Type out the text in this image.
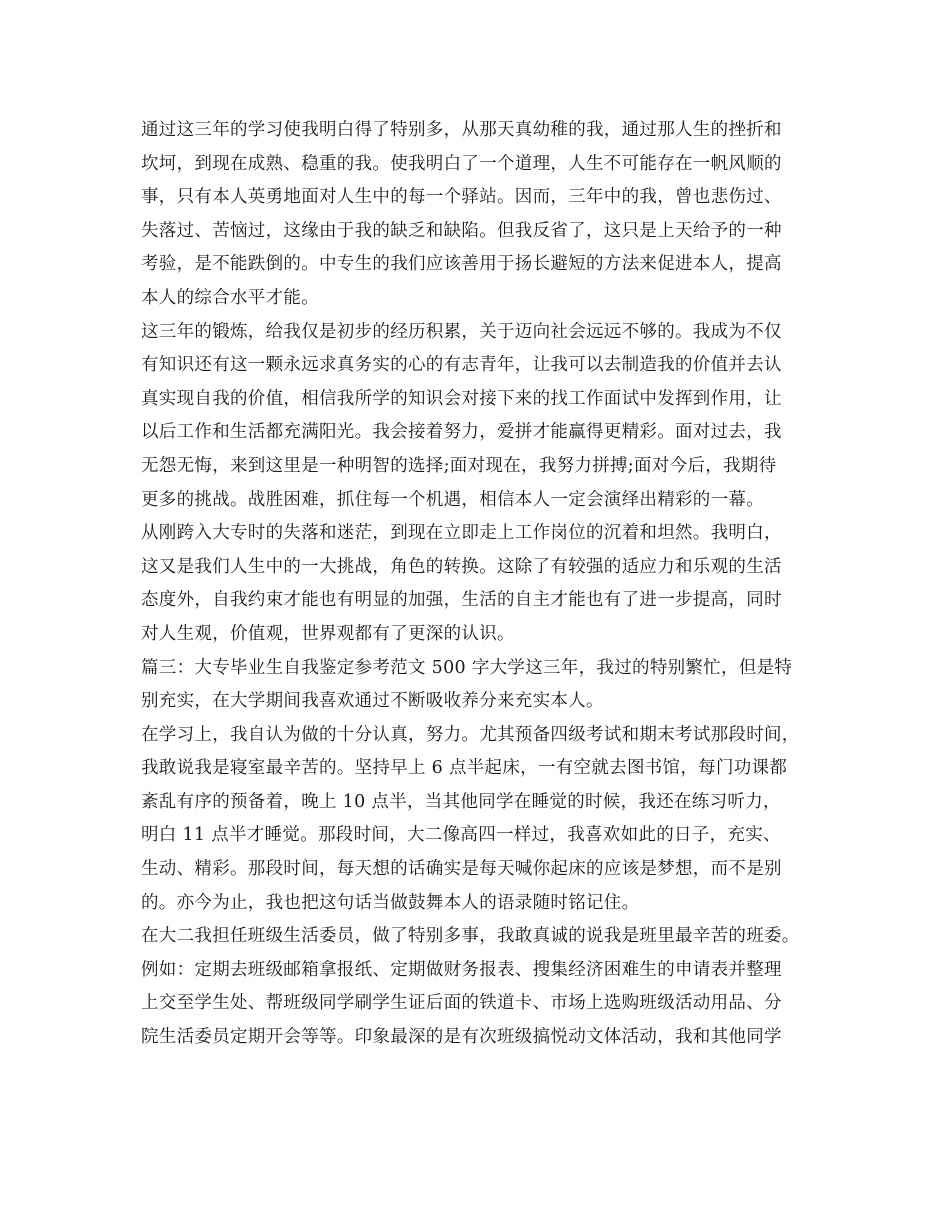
通过这三年的学习使我明白得了特别多，从那天真幼稚的我，通过那人生的挫折和
坎坷，到现在成熟、稳重的我。使我明白了一个道理，人生不可能存在一帆风顺的
事，只有本人英勇地面对人生中的每一个驿站。因而，三年中的我，曾也悲伤过、
失落过、苦恼过，这缘由于我的缺乏和缺陷。但我反省了，这只是上天给予的一种
考验，是不能跌倒的。中专生的我们应该善用于扬长避短的方法来促进本人，提高
本人的综合水平才能。
这三年的锻炼，给我仅是初步的经历积累，关于迈向社会远远不够的。我成为不仅
有知识还有这一颗永远求真务实的心的有志青年，让我可以去制造我的价值并去认
真实现自我的价值，相信我所学的知识会对接下来的找工作面试中发挥到作用，让
以后工作和生活都充满阳光。我会接着努力，爱拼才能赢得更精彩。面对过去，我
无怨无悔，来到这里是一种明智的选择;面对现在，我努力拼搏;面对今后，我期待
更多的挑战。战胜困难，抓住每一个机遇，相信本人一定会演绎出精彩的一幕。
从刚跨入大专时的失落和迷茫，到现在立即走上工作岗位的沉着和坦然。我明白，
这又是我们人生中的一大挑战，角色的转换。这除了有较强的适应力和乐观的生活
态度外，自我约束才能也有明显的加强，生活的自主才能也有了进一步提高，同时
对人生观，价值观，世界观都有了更深的认识。
篇三：大专毕业生自我鉴定参考范文 500 字大学这三年，我过的特别繁忙，但是特
别充实，在大学期间我喜欢通过不断吸收养分来充实本人。
在学习上，我自认为做的十分认真，努力。尤其预备四级考试和期末考试那段时间，
我敢说我是寝室最辛苦的。坚持早上 6 点半起床，一有空就去图书馆，每门功课都
紊乱有序的预备着，晚上 10 点半，当其他同学在睡觉的时候，我还在练习听力，
明白 11 点半才睡觉。那段时间，大二像高四一样过，我喜欢如此的日子，充实、
生动、精彩。那段时间，每天想的话确实是每天喊你起床的应该是梦想，而不是别
的。亦今为止，我也把这句话当做鼓舞本人的语录随时铭记住。
在大二我担任班级生活委员，做了特别多事，我敢真诚的说我是班里最辛苦的班委。
例如：定期去班级邮箱拿报纸、定期做财务报表、搜集经济困难生的申请表并整理
上交至学生处、帮班级同学刷学生证后面的铁道卡、市场上选购班级活动用品、分
院生活委员定期开会等等。印象最深的是有次班级搞悦动文体活动，我和其他同学
